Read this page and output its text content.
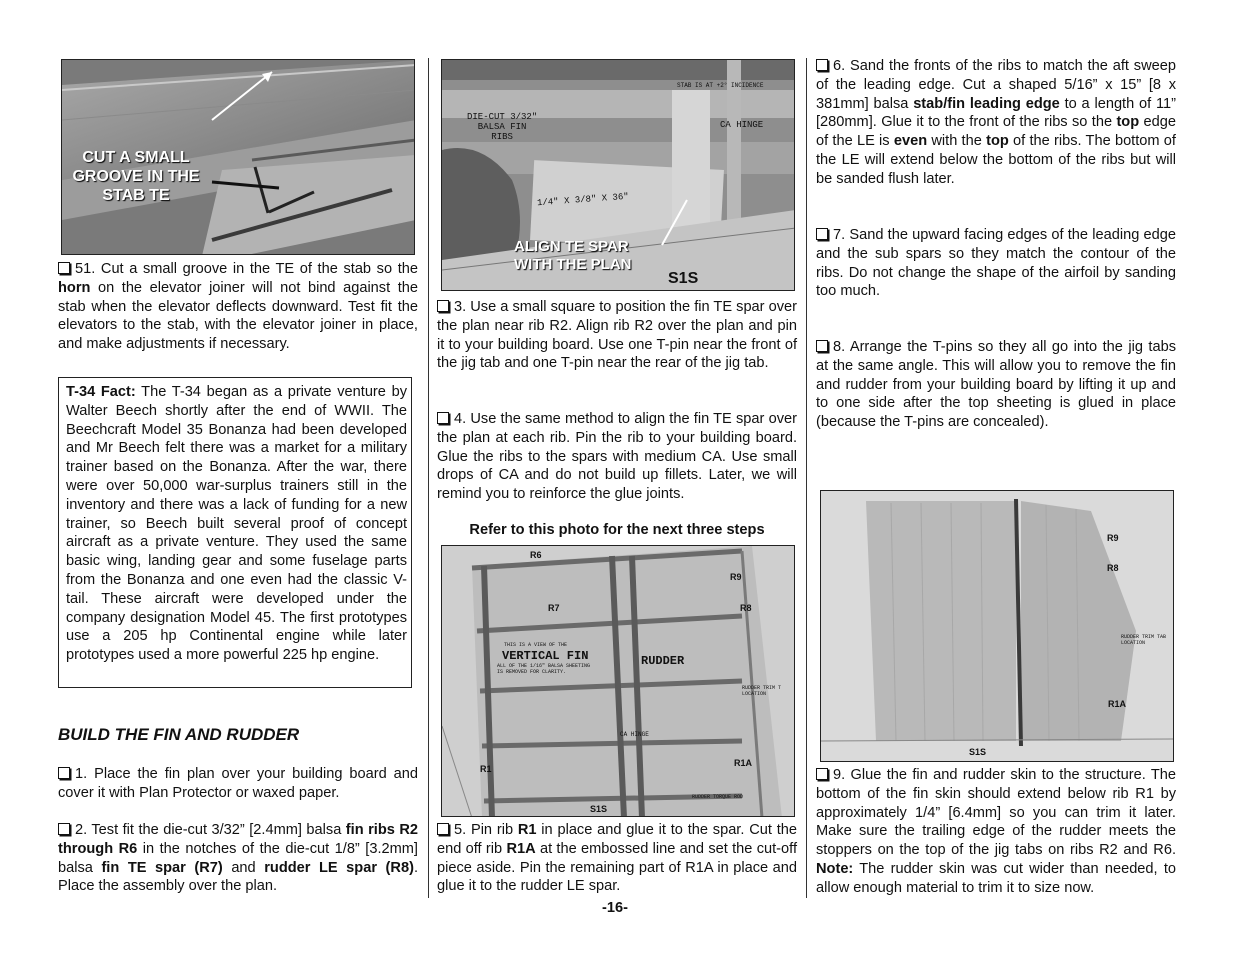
CUT A SMALL
GROOVE IN THE
STAB TE

51. Cut a small groove in the TE of the stab so the horn on the elevator joiner will not bind against the stab when the elevator deflects downward. Test fit the elevators to the stab, with the elevator joiner in place, and make adjustments if necessary.

T-34 Fact: The T-34 began as a private venture by Walter Beech shortly after the end of WWII. The Beechcraft Model 35 Bonanza had been developed and Mr Beech felt there was a market for a military trainer based on the Bonanza. After the war, there were over 50,000 war-surplus trainers still in the inventory and there was a lack of funding for a new trainer, so Beech built several proof of concept aircraft as a private venture. They used the same basic wing, landing gear and some fuselage parts from the Bonanza and one even had the classic V-tail. These aircraft were developed under the company designation Model 45. The first prototypes use a 205 hp Continental engine while later prototypes used a more powerful 225 hp engine.

BUILD THE FIN AND RUDDER

1. Place the fin plan over your building board and cover it with Plan Protector or waxed paper.

2. Test fit the die-cut 3/32” [2.4mm] balsa fin ribs R2 through R6 in the notches of the die-cut 1/8” [3.2mm] balsa fin TE spar (R7) and rudder LE spar (R8). Place the assembly over the plan.

DIE-CUT 3/32"
BALSA FIN
RIBS
CA HINGE
STAB IS AT +2° INCIDENCE
1/4" X 3/8" X 36"
ALIGN TE SPAR
WITH THE PLAN
S1S

3. Use a small square to position the fin TE spar over the plan near rib R2. Align rib R2 over the plan and pin it to your building board. Use one T-pin near the front of the jig tab and one T-pin near the rear of the jig tab.

4. Use the same method to align the fin TE spar over the plan at each rib. Pin the rib to your building board. Glue the ribs to the spars with medium CA. Use small drops of CA and do not build up fillets. Later, we will remind you to reinforce the glue joints.

Refer to this photo for the next three steps

R6
R9
R7	R8
THIS IS A VIEW OF THE
VERTICAL FIN
ALL OF THE 1/16" BALSA SHEETING
IS REMOVED FOR CLARITY.
RUDDER
RUDDER TRIM T
LOCATION
CA HINGE
R1
R1A
RUDDER TORQUE ROD
S1S

5. Pin rib R1 in place and glue it to the spar. Cut the end off rib R1A at the embossed line and set the cut-off piece aside. Pin the remaining part of R1A in place and glue it to the rudder LE spar.

-16-

6. Sand the fronts of the ribs to match the aft sweep of the leading edge. Cut a shaped 5/16” x 15” [8 x 381mm] balsa stab/fin leading edge to a length of 11” [280mm]. Glue it to the front of the ribs so the top edge of the LE is even with the top of the ribs. The bottom of the LE will extend below the bottom of the ribs but will be sanded flush later.

7. Sand the upward facing edges of the leading edge and the sub spars so they match the contour of the ribs. Do not change the shape of the airfoil by sanding too much.

8. Arrange the T-pins so they all go into the jig tabs at the same angle. This will allow you to remove the fin and rudder from your building board by lifting it up and to one side after the top sheeting is glued in place (because the T-pins are concealed).

R9
R8
RUDDER TRIM TAB LOCATION
R1A
S1S

9. Glue the fin and rudder skin to the structure. The bottom of the fin skin should extend below rib R1 by approximately 1/4” [6.4mm] so you can trim it later. Make sure the trailing edge of the rudder meets the stoppers on the top of the jig tabs on ribs R2 and R6. Note: The rudder skin was cut wider than needed, to allow enough material to trim it to size now.
